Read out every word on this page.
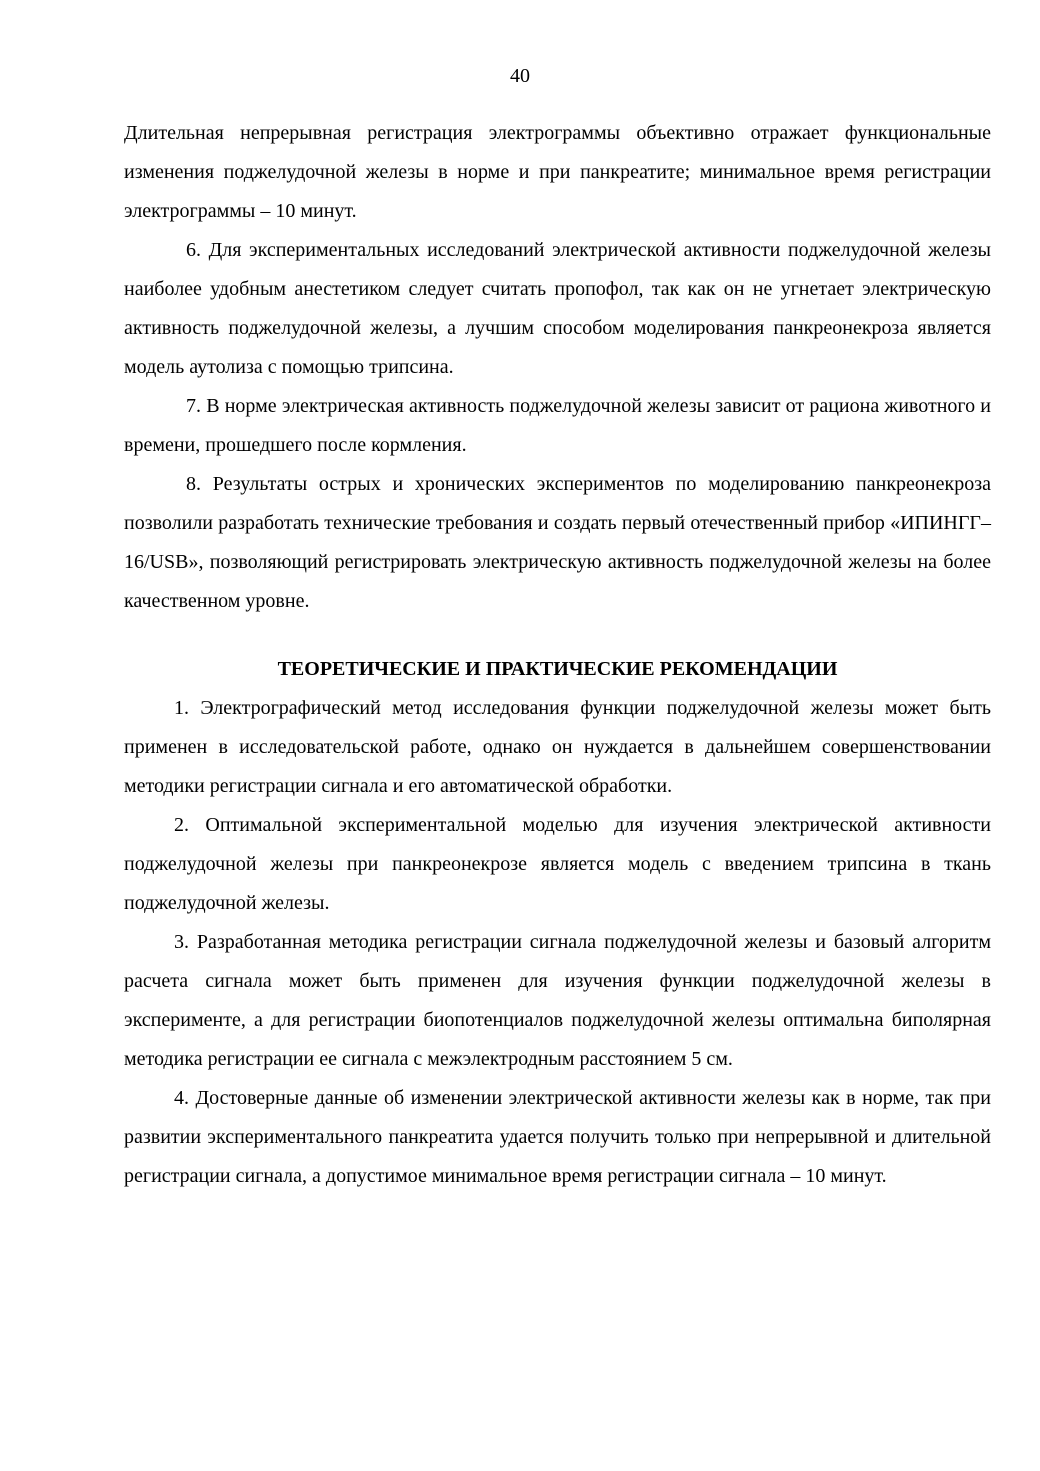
40

Длительная непрерывная регистрация электрограммы объективно отражает функциональные изменения поджелудочной железы в норме и при панкреатите; минимальное время регистрации электрограммы – 10 минут.

6. Для экспериментальных исследований электрической активности поджелудочной железы наиболее удобным анестетиком следует считать пропофол, так как он не угнетает электрическую активность поджелудочной железы, а лучшим способом моделирования панкреонекроза является модель аутолиза с помощью трипсина.

7. В норме электрическая активность поджелудочной железы зависит от рациона животного и времени, прошедшего после кормления.

8. Результаты острых и хронических экспериментов по моделированию панкреонекроза позволили разработать технические требования и создать первый отечественный прибор «ИПИНГГ–16/USB», позволяющий регистрировать электрическую активность поджелудочной железы на более качественном уровне.

ТЕОРЕТИЧЕСКИЕ И ПРАКТИЧЕСКИЕ РЕКОМЕНДАЦИИ

1. Электрографический метод исследования функции поджелудочной железы может быть применен в исследовательской работе, однако он нуждается в дальнейшем совершенствовании методики регистрации сигнала и его автоматической обработки.

2. Оптимальной экспериментальной моделью для изучения электрической активности поджелудочной железы при панкреонекрозе является модель с введением трипсина в ткань поджелудочной железы.

3. Разработанная методика регистрации сигнала поджелудочной железы и базовый алгоритм расчета сигнала может быть применен для изучения функции поджелудочной железы в эксперименте, а для регистрации биопотенциалов поджелудочной железы оптимальна биполярная методика регистрации ее сигнала с межэлектродным расстоянием 5 см.

4. Достоверные данные об изменении электрической активности железы как в норме, так при развитии экспериментального панкреатита удается получить только при непрерывной и длительной регистрации сигнала, а допустимое минимальное время регистрации сигнала – 10 минут.
